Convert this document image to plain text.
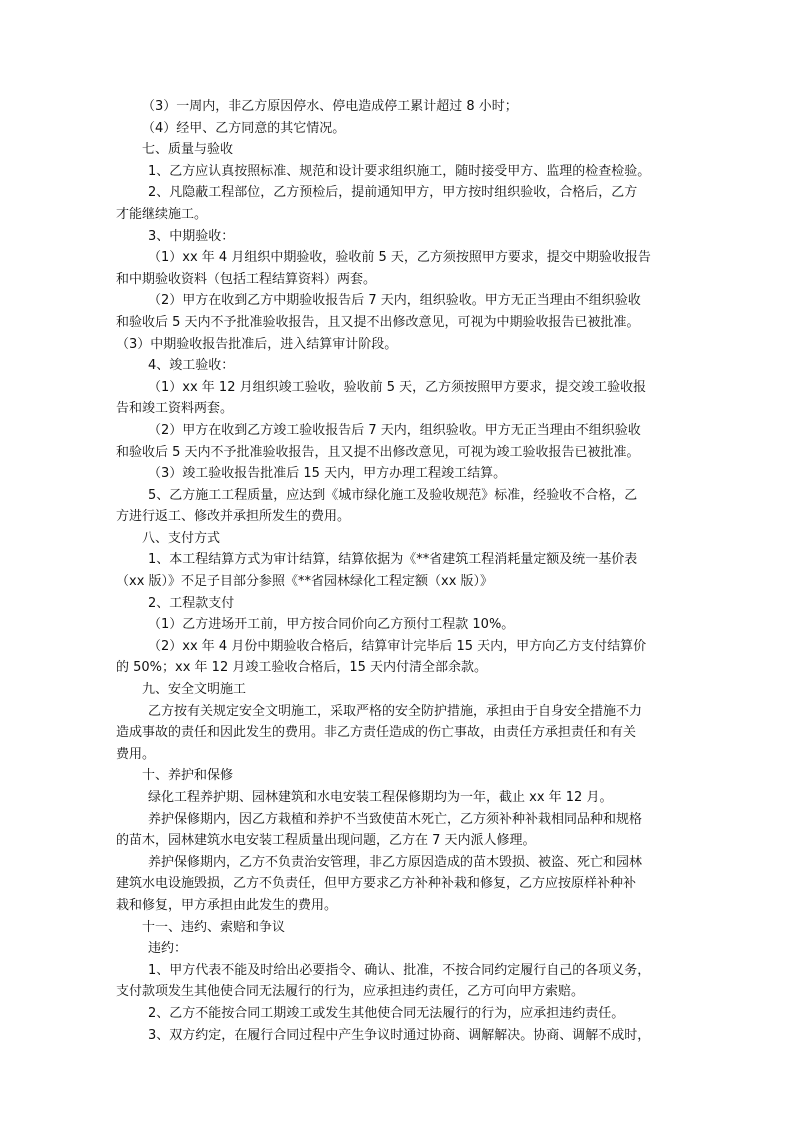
（3）一周内，非乙方原因停水、停电造成停工累计超过 8 小时；
（4）经甲、乙方同意的其它情况。
七、质量与验收
1、乙方应认真按照标准、规范和设计要求组织施工，随时接受甲方、监理的检查检验。
2、凡隐蔽工程部位，乙方预检后，提前通知甲方，甲方按时组织验收，合格后，乙方
才能继续施工。
3、中期验收：
（1）xx 年 4 月组织中期验收，验收前 5 天，乙方须按照甲方要求，提交中期验收报告
和中期验收资料（包括工程结算资料）两套。
（2）甲方在收到乙方中期验收报告后 7 天内，组织验收。甲方无正当理由不组织验收
和验收后 5 天内不予批准验收报告，且又提不出修改意见，可视为中期验收报告已被批准。
（3）中期验收报告批准后，进入结算审计阶段。
4、竣工验收：
（1）xx 年 12 月组织竣工验收，验收前 5 天，乙方须按照甲方要求，提交竣工验收报
告和竣工资料两套。
（2）甲方在收到乙方竣工验收报告后 7 天内，组织验收。甲方无正当理由不组织验收
和验收后 5 天内不予批准验收报告，且又提不出修改意见，可视为竣工验收报告已被批准。
（3）竣工验收报告批准后 15 天内，甲方办理工程竣工结算。
5、乙方施工工程质量，应达到《城市绿化施工及验收规范》标准，经验收不合格，乙
方进行返工、修改并承担所发生的费用。
八、支付方式
1、本工程结算方式为审计结算，结算依据为《**省建筑工程消耗量定额及统一基价表
（xx 版）》不足子目部分参照《**省园林绿化工程定额（xx 版）》
2、工程款支付
（1）乙方进场开工前，甲方按合同价向乙方预付工程款 10%。
（2）xx 年 4 月份中期验收合格后，结算审计完毕后 15 天内，甲方向乙方支付结算价
的 50%；xx 年 12 月竣工验收合格后，15 天内付清全部余款。
九、安全文明施工
乙方按有关规定安全文明施工，采取严格的安全防护措施，承担由于自身安全措施不力
造成事故的责任和因此发生的费用。非乙方责任造成的伤亡事故，由责任方承担责任和有关
费用。
十、养护和保修
绿化工程养护期、园林建筑和水电安装工程保修期均为一年，截止 xx 年 12 月。
养护保修期内，因乙方栽植和养护不当致使苗木死亡，乙方须补种补栽相同品种和规格
的苗木，园林建筑水电安装工程质量出现问题，乙方在 7 天内派人修理。
养护保修期内，乙方不负责治安管理，非乙方原因造成的苗木毁损、被盗、死亡和园林
建筑水电设施毁损，乙方不负责任，但甲方要求乙方补种补栽和修复，乙方应按原样补种补
栽和修复，甲方承担由此发生的费用。
十一、违约、索赔和争议
违约：
1、甲方代表不能及时给出必要指令、确认、批准，不按合同约定履行自己的各项义务，
支付款项发生其他使合同无法履行的行为，应承担违约责任，乙方可向甲方索赔。
2、乙方不能按合同工期竣工或发生其他使合同无法履行的行为，应承担违约责任。
3、双方约定，在履行合同过程中产生争议时通过协商、调解解决。协商、调解不成时，
